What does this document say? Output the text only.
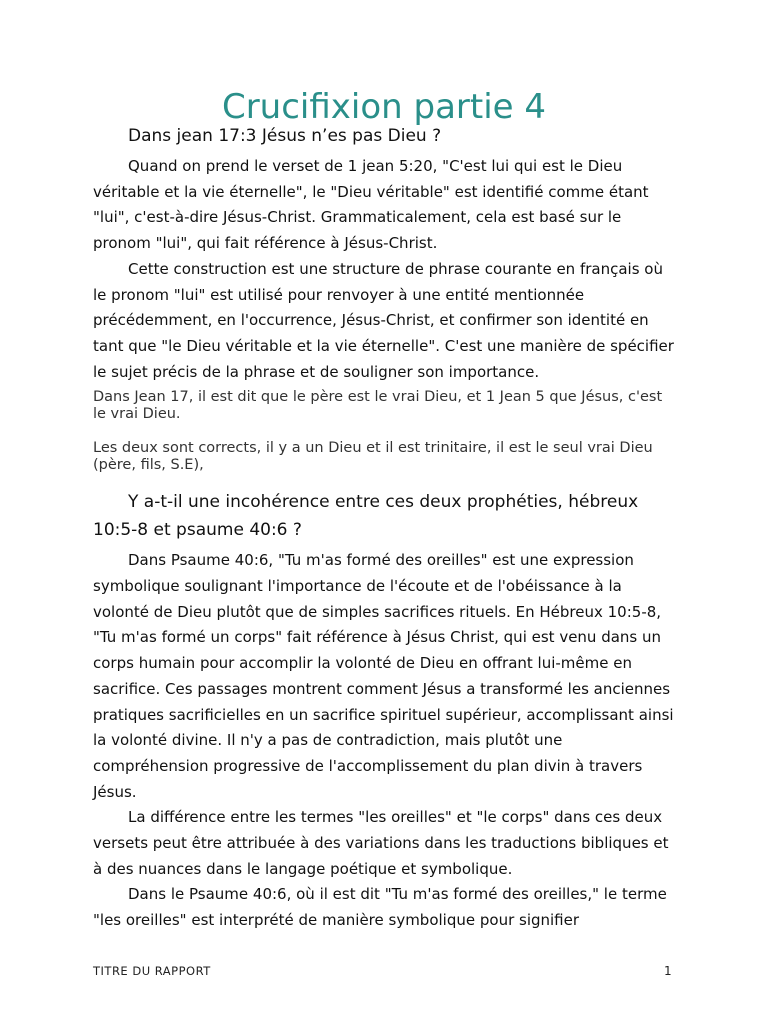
Crucifixion partie 4
Dans jean 17:3 Jésus n’es pas Dieu ?

Quand on prend le verset de 1 jean 5:20, "C'est lui qui est le Dieu véritable et la vie éternelle", le "Dieu véritable" est identifié comme étant "lui", c'est-à-dire Jésus-Christ. Grammaticalement, cela est basé sur le pronom "lui", qui fait référence à Jésus-Christ.

Cette construction est une structure de phrase courante en français où le pronom "lui" est utilisé pour renvoyer à une entité mentionnée précédemment, en l'occurrence, Jésus-Christ, et confirmer son identité en tant que "le Dieu véritable et la vie éternelle". C'est une manière de spécifier le sujet précis de la phrase et de souligner son importance.

Dans Jean 17, il est dit que le père est le vrai Dieu, et 1 Jean 5 que Jésus, c'est le vrai Dieu.

Les deux sont corrects, il y a un Dieu et il est trinitaire, il est le seul vrai Dieu (père, fils, S.E),

Y a-t-il une incohérence entre ces deux prophéties, hébreux 10:5-8 et psaume 40:6 ?

Dans Psaume 40:6, "Tu m'as formé des oreilles" est une expression symbolique soulignant l'importance de l'écoute et de l'obéissance à la volonté de Dieu plutôt que de simples sacrifices rituels. En Hébreux 10:5-8, "Tu m'as formé un corps" fait référence à Jésus Christ, qui est venu dans un corps humain pour accomplir la volonté de Dieu en offrant lui-même en sacrifice. Ces passages montrent comment Jésus a transformé les anciennes pratiques sacrificielles en un sacrifice spirituel supérieur, accomplissant ainsi la volonté divine. Il n'y a pas de contradiction, mais plutôt une compréhension progressive de l'accomplissement du plan divin à travers Jésus.

La différence entre les termes "les oreilles" et "le corps" dans ces deux versets peut être attribuée à des variations dans les traductions bibliques et à des nuances dans le langage poétique et symbolique.

Dans le Psaume 40:6, où il est dit "Tu m'as formé des oreilles," le terme "les oreilles" est interprété de manière symbolique pour signifier

TITRE DU RAPPORT	1
